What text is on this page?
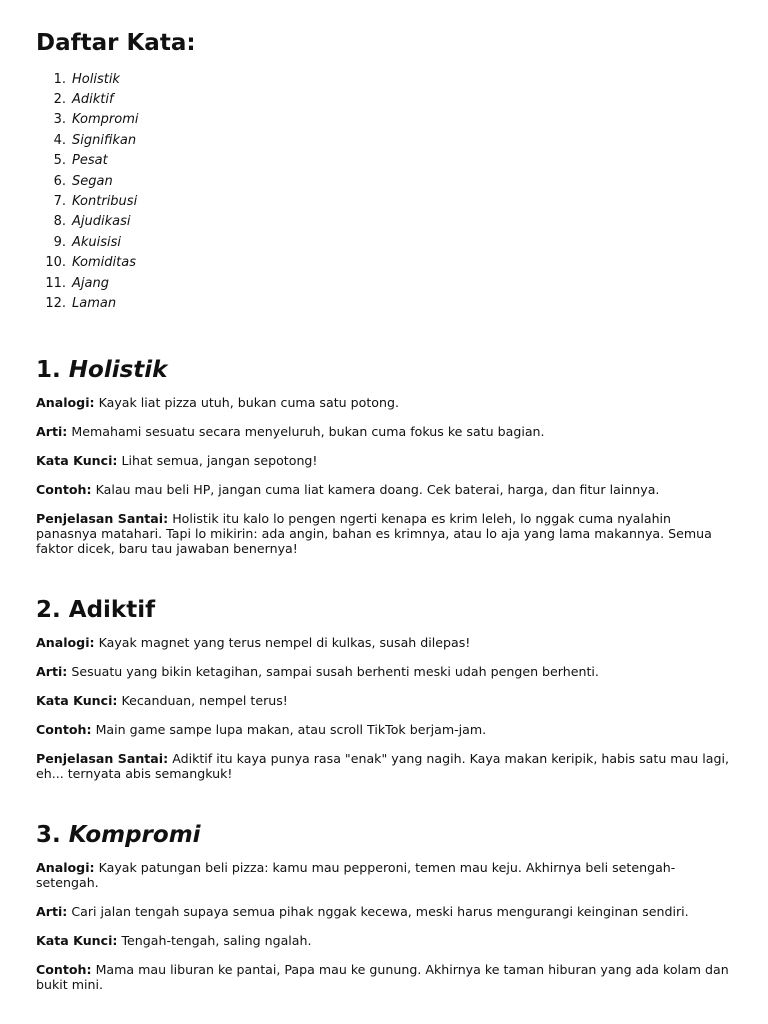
Daftar Kata:
1. Holistik
2. Adiktif
3. Kompromi
4. Signifikan
5. Pesat
6. Segan
7. Kontribusi
8. Ajudikasi
9. Akuisisi
10. Komiditas
11. Ajang
12. Laman
1. Holistik

Analogi: Kayak liat pizza utuh, bukan cuma satu potong.

Arti: Memahami sesuatu secara menyeluruh, bukan cuma fokus ke satu bagian.

Kata Kunci: Lihat semua, jangan sepotong!

Contoh: Kalau mau beli HP, jangan cuma liat kamera doang. Cek baterai, harga, dan fitur lainnya.

Penjelasan Santai: Holistik itu kalo lo pengen ngerti kenapa es krim leleh, lo nggak cuma nyalahin panasnya matahari. Tapi lo mikirin: ada angin, bahan es krimnya, atau lo aja yang lama makannya. Semua faktor dicek, baru tau jawaban benernya!

2. Adiktif

Analogi: Kayak magnet yang terus nempel di kulkas, susah dilepas!

Arti: Sesuatu yang bikin ketagihan, sampai susah berhenti meski udah pengen berhenti.

Kata Kunci: Kecanduan, nempel terus!

Contoh: Main game sampe lupa makan, atau scroll TikTok berjam-jam.

Penjelasan Santai: Adiktif itu kaya punya rasa "enak" yang nagih. Kaya makan keripik, habis satu mau lagi, eh... ternyata abis semangkuk!

3. Kompromi

Analogi: Kayak patungan beli pizza: kamu mau pepperoni, temen mau keju. Akhirnya beli setengah-setengah.

Arti: Cari jalan tengah supaya semua pihak nggak kecewa, meski harus mengurangi keinginan sendiri.

Kata Kunci: Tengah-tengah, saling ngalah.

Contoh: Mama mau liburan ke pantai, Papa mau ke gunung. Akhirnya ke taman hiburan yang ada kolam dan bukit mini.
